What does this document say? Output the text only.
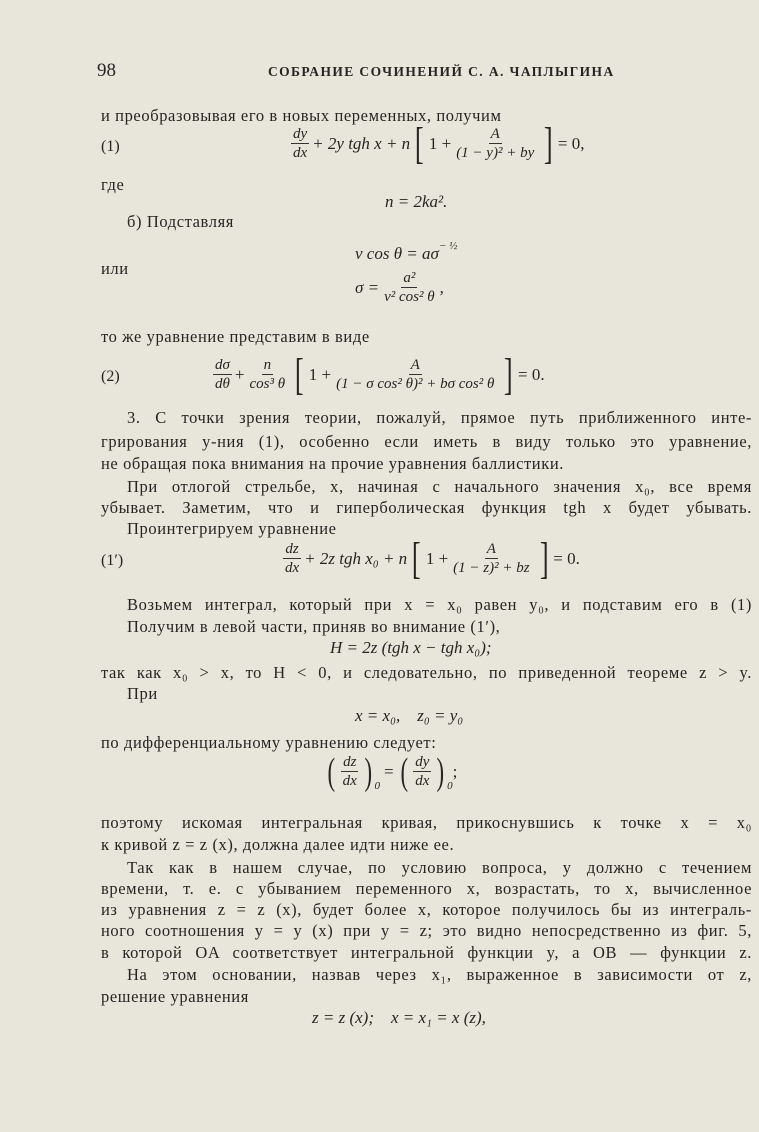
98	СОБРАНИЕ СОЧИНЕНИЙ С. А. ЧАПЛЫГИНА
и преобразовывая его в новых переменных, получим
(1)	$\frac{dy}{dx} + 2y$ tgh x + n [ $1 + \frac{A}{\text{(1 − y)² + by}}$ ] = 0,
где
n = 2ka².
б) Подставляя
v $\cos \theta = a\sigma^{- \frac{1}{2}}$
или
$\sigma = \frac{\text{a²}}{\text{v² cos² θ}}$ ,
то же уравнение представим в виде
(2)	$\frac{d\sigma}{d\theta} + \frac{n}{\text{cos³ θ}}$ [ $1 + \frac{A}{\text{(1 − σ cos² θ)² + bσ cos² θ}}$ ] = 0.
3. С точки зрения теории, пожалуй, прямое путь приближенного инте-
грирования у-ния (1), особенно если иметь в виду только это уравнение,
не обращая пока внимания на прочие уравнения баллистики.
При отлогой стрельбе, x, начиная с начального значения x₀, все время
убывает. Заметим, что и гиперболическая функция tgh x будет убывать.
Проинтегрируем уравнение
(1′)	$\frac{dz}{dx} + 2z$ tgh x₀ + n [ $1 + \frac{A}{\text{(1 − z)² + bz}}$ ] = 0.
Возьмем интеграл, который при x = x₀ равен y₀, и подставим его в (1)
Получим в левой части, приняв во внимание (1′),
H = 2z (tgh x − tgh x₀);
так как x₀ > x, то H < 0, и следовательно, по приведенной теореме z > y.
При
x = x₀,    z₀ = y₀
по дифференциальному уравнению следует:
( $\frac{dz}{dx} )_0$
= ( $\frac{dy}{dx} )_0$
;
поэтому искомая интегральная кривая, прикоснувшись к точке x = x₀
к кривой z = z (x), должна далее идти ниже ее.
Так как в нашем случае, по условию вопроса, y должно с течением
времени, т. е. с убыванием переменного x, возрастать, то x, вычисленное
из уравнения z = z (x), будет более x, которое получилось бы из интеграль-
ного соотношения y = y (x) при y = z; это видно непосредственно из фиг. 5,
в которой OA соответствует интегральной функции y, а OB — функции z.
На этом основании, назвав через x₁, выраженное в зависимости от z,
решение уравнения
z = z (x);    x = x₁ = x (z),
